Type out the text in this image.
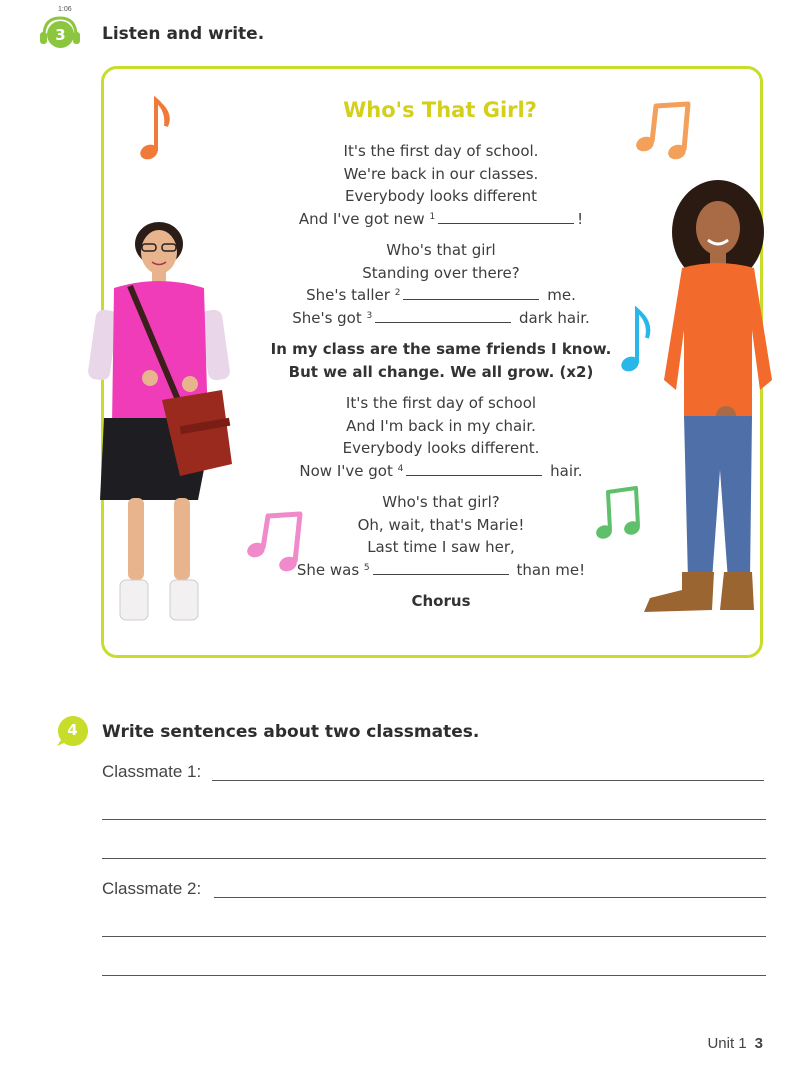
1:06
3	Listen and write.
Who's That Girl?
It's the first day of school.
We're back in our classes.
Everybody looks different
And I've got new $^1$	!
Who's that girl
Standing over there?
She's taller $^2$	me.
She's got $^3$	dark hair.
In my class are the same friends I know.
But we all change. We all grow. (x2)
It's the first day of school
And I'm back in my chair.
Everybody looks different.
Now I've got $^4$	hair.
Who's that girl?
Oh, wait, that's Marie!
Last time I saw her,
She was $^5$	than me!
Chorus
4	Write sentences about two classmates.
Classmate 1:
Classmate 2:
Unit 1 3
